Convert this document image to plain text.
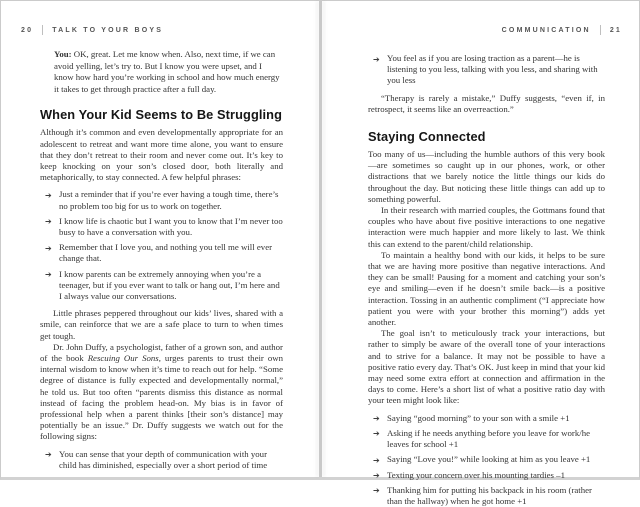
20	TALK TO YOUR BOYS

You: OK, great. Let me know when. Also, next time, if we can avoid yelling, let’s try to. But I know you were upset, and I know how hard you’re working in school and how much energy it takes to get through practice after a full day.

When Your Kid Seems to Be Struggling

Although it’s common and even developmentally appropriate for an adolescent to retreat and want more time alone, you want to ensure that they don’t retreat to their room and never come out. It’s key to keep knocking on your son’s closed door, both literally and metaphorically, to stay connected. A few helpful phrases:

➔ Just a reminder that if you’re ever having a tough time, there’s no problem too big for us to work on together.
➔ I know life is chaotic but I want you to know that I’m never too busy to have a conversation with you.
➔ Remember that I love you, and nothing you tell me will ever change that.
➔ I know parents can be extremely annoying when you’re a teenager, but if you ever want to talk or hang out, I’m here and I always value our conversations.

Little phrases peppered throughout our kids’ lives, shared with a smile, can reinforce that we are a safe place to turn to when times get tough.

Dr. John Duffy, a psychologist, father of a grown son, and author of the book Rescuing Our Sons, urges parents to trust their own internal wisdom to know when it’s time to reach out for help. “Some degree of distance is fully expected and developmentally normal,” he told us. But too often “parents dismiss this distance as normal instead of facing the problem head-on. My bias is in favor of professional help when a parent thinks [their son’s distance] may potentially be an issue.” Dr. Duffy suggests we watch out for the following signs:

➔ You can sense that your depth of communication with your child has diminished, especially over a short period of time
COMMUNICATION	21
➔ You feel as if you are losing traction as a parent—he is listening to you less, talking with you less, and sharing with you less

“Therapy is rarely a mistake,” Duffy suggests, “even if, in retrospect, it seems like an overreaction.”

Staying Connected

Too many of us—including the humble authors of this very book—are sometimes so caught up in our phones, work, or other distractions that we barely notice the little things our kids do throughout the day. But noticing these little things can add up to something powerful.

In their research with married couples, the Gottmans found that couples who have about five positive interactions to one negative interaction were much happier and more likely to last. We think this can extend to the parent/child relationship.

To maintain a healthy bond with our kids, it helps to be sure that we are having more positive than negative interactions. And they can be small! Pausing for a moment and catching your son’s eye and smiling—even if he doesn’t smile back—is a positive interaction. Tossing in an authentic compliment (“I appreciate how patient you were with your brother this morning”) adds yet another.

The goal isn’t to meticulously track your interactions, but rather to simply be aware of the overall tone of your interactions and to strive for a balance. It may not be possible to have a positive ratio every day. That’s OK. Just keep in mind that your kid may need some extra effort at connection and affirmation in the days to come. Here’s a short list of what a positive ratio day with your teen might look like:

➔ Saying “good morning” to your son with a smile +1
➔ Asking if he needs anything before you leave for work/he leaves for school +1
➔ Saying “Love you!” while looking at him as you leave +1
➔ Texting your concern over his mounting tardies –1
➔ Thanking him for putting his backpack in his room (rather than the hallway) when he got home +1
